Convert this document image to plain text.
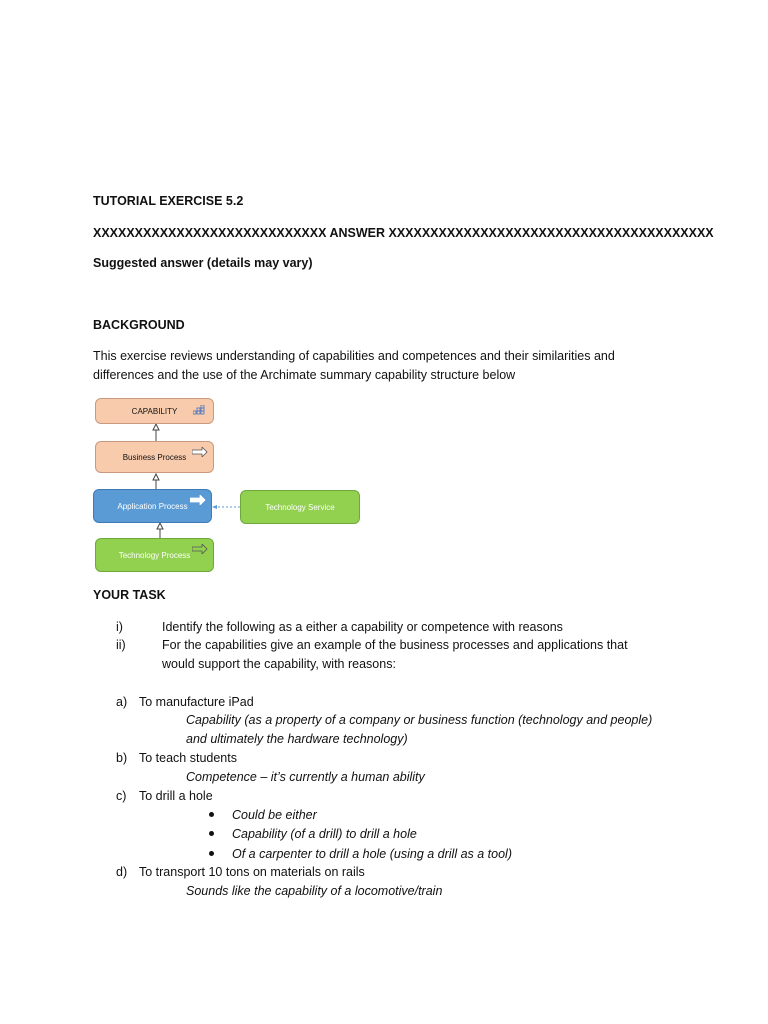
TUTORIAL EXERCISE 5.2
XXXXXXXXXXXXXXXXXXXXXXXXXXXX ANSWER XXXXXXXXXXXXXXXXXXXXXXXXXXXXXXXXXXXXXXX
Suggested answer (details may vary)
BACKGROUND
This exercise reviews understanding of capabilities and competences and their similarities and
differences and the use of the Archimate summary capability structure below
CAPABILITY
Business Process
Application Process	Technology Service
Technology Process
YOUR TASK
i)	Identify the following as a either a capability or competence with reasons
ii)	For the capabilities give an example of the business processes and applications that
would support the capability, with reasons:
a) To manufacture iPad
Capability (as a property of a company or business function (technology and people)
and ultimately the hardware technology)
b) To teach students
Competence – it’s currently a human ability
c) To drill a hole
Could be either
Capability (of a drill) to drill a hole
Of a carpenter to drill a hole (using a drill as a tool)
d) To transport 10 tons on materials on rails
Sounds like the capability of a locomotive/train
